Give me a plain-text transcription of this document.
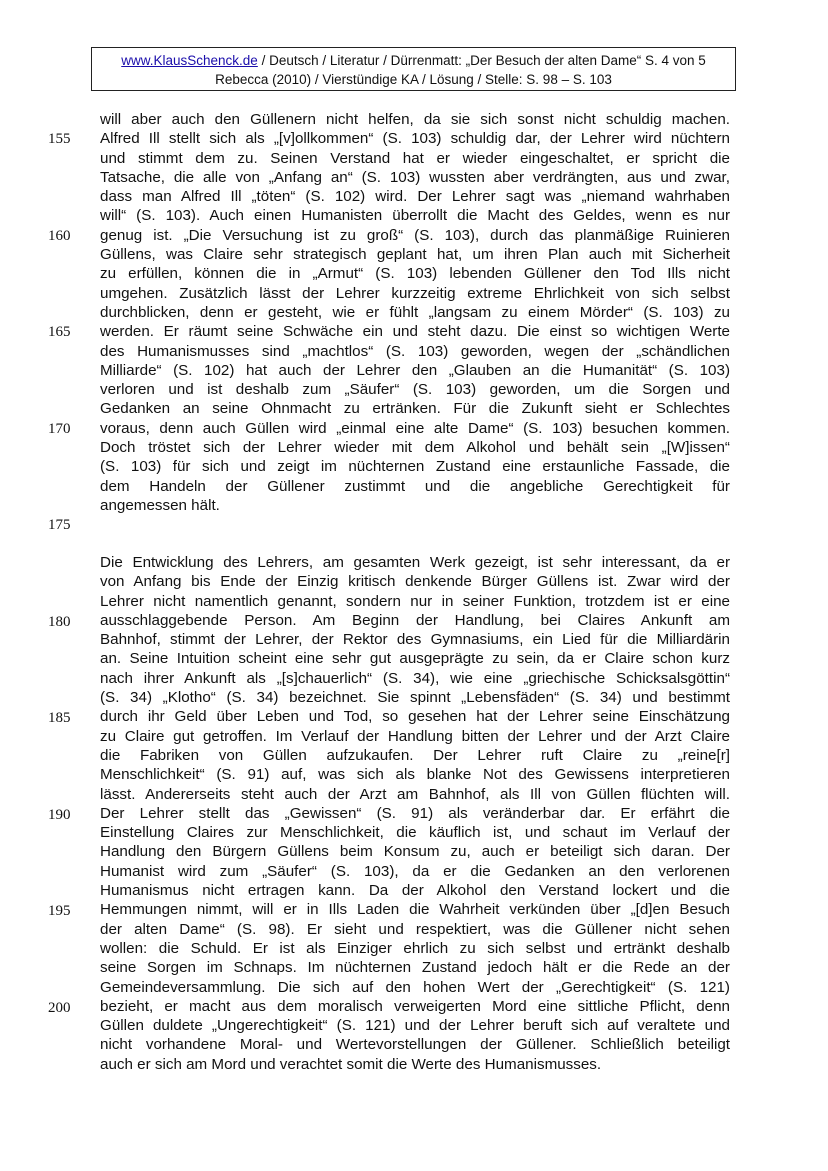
www.KlausSchenck.de / Deutsch / Literatur / Dürrenmatt: „Der Besuch der alten Dame“ S. 4 von 5
Rebecca (2010) / Vierstündige KA / Lösung / Stelle: S. 98 – S. 103
155
160
165
170
175
180
185
190
195
200
will aber auch den Güllenern nicht helfen, da sie sich sonst nicht schuldig machen.
Alfred Ill stellt sich als „[v]ollkommen“ (S. 103) schuldig dar, der Lehrer wird nüchtern
und stimmt dem zu. Seinen Verstand hat er wieder eingeschaltet, er spricht die
Tatsache, die alle von „Anfang an“ (S. 103) wussten aber verdrängten, aus und zwar,
dass man Alfred Ill „töten“ (S. 102) wird. Der Lehrer sagt was „niemand wahrhaben
will“ (S. 103). Auch einen Humanisten überrollt die Macht des Geldes, wenn es nur
genug ist. „Die Versuchung ist zu groß“ (S. 103), durch das planmäßige Ruinieren
Güllens, was Claire sehr strategisch geplant hat, um ihren Plan auch mit Sicherheit
zu erfüllen, können die in „Armut“ (S. 103) lebenden Güllener den Tod Ills nicht
umgehen. Zusätzlich lässt der Lehrer kurzzeitig extreme Ehrlichkeit von sich selbst
durchblicken, denn er gesteht, wie er fühlt „langsam zu einem Mörder“ (S. 103) zu
werden. Er räumt seine Schwäche ein und steht dazu. Die einst so wichtigen Werte
des Humanismusses sind „machtlos“ (S. 103) geworden, wegen der „schändlichen
Milliarde“ (S. 102) hat auch der Lehrer den „Glauben an die Humanität“ (S. 103)
verloren und ist deshalb zum „Säufer“ (S. 103) geworden, um die Sorgen und
Gedanken an seine Ohnmacht zu ertränken. Für die Zukunft sieht er Schlechtes
voraus, denn auch Güllen wird „einmal eine alte Dame“ (S. 103) besuchen kommen.
Doch tröstet sich der Lehrer wieder mit dem Alkohol und behält sein „[W]issen“
(S. 103) für sich und zeigt im nüchternen Zustand eine erstaunliche Fassade, die
dem Handeln der Güllener zustimmt und die angebliche Gerechtigkeit für
angemessen hält.
Die Entwicklung des Lehrers, am gesamten Werk gezeigt, ist sehr interessant, da er
von Anfang bis Ende der Einzig kritisch denkende Bürger Güllens ist. Zwar wird der
Lehrer nicht namentlich genannt, sondern nur in seiner Funktion, trotzdem ist er eine
ausschlaggebende Person. Am Beginn der Handlung, bei Claires Ankunft am
Bahnhof, stimmt der Lehrer, der Rektor des Gymnasiums, ein Lied für die Milliardärin
an. Seine Intuition scheint eine sehr gut ausgeprägte zu sein, da er Claire schon kurz
nach ihrer Ankunft als „[s]chauerlich“ (S. 34), wie eine „griechische Schicksalsgöttin“
(S. 34) „Klotho“ (S. 34) bezeichnet. Sie spinnt „Lebensfäden“ (S. 34) und bestimmt
durch ihr Geld über Leben und Tod, so gesehen hat der Lehrer seine Einschätzung
zu Claire gut getroffen. Im Verlauf der Handlung bitten der Lehrer und der Arzt Claire
die Fabriken von Güllen aufzukaufen. Der Lehrer ruft Claire zu „reine[r]
Menschlichkeit“ (S. 91) auf, was sich als blanke Not des Gewissens interpretieren
lässt. Andererseits steht auch der Arzt am Bahnhof, als Ill von Güllen flüchten will.
Der Lehrer stellt das „Gewissen“ (S. 91) als veränderbar dar. Er erfährt die
Einstellung Claires zur Menschlichkeit, die käuflich ist, und schaut im Verlauf der
Handlung den Bürgern Güllens beim Konsum zu, auch er beteiligt sich daran. Der
Humanist wird zum „Säufer“ (S. 103), da er die Gedanken an den verlorenen
Humanismus nicht ertragen kann. Da der Alkohol den Verstand lockert und die
Hemmungen nimmt, will er in Ills Laden die Wahrheit verkünden über „[d]en Besuch
der alten Dame“ (S. 98). Er sieht und respektiert, was die Güllener nicht sehen
wollen: die Schuld. Er ist als Einziger ehrlich zu sich selbst und ertränkt deshalb
seine Sorgen im Schnaps. Im nüchternen Zustand jedoch hält er die Rede an der
Gemeindeversammlung. Die sich auf den hohen Wert der „Gerechtigkeit“ (S. 121)
bezieht, er macht aus dem moralisch verweigerten Mord eine sittliche Pflicht, denn
Güllen duldete „Ungerechtigkeit“ (S. 121) und der Lehrer beruft sich auf veraltete und
nicht vorhandene Moral- und Wertevorstellungen der Güllener. Schließlich beteiligt
auch er sich am Mord und verachtet somit die Werte des Humanismusses.
